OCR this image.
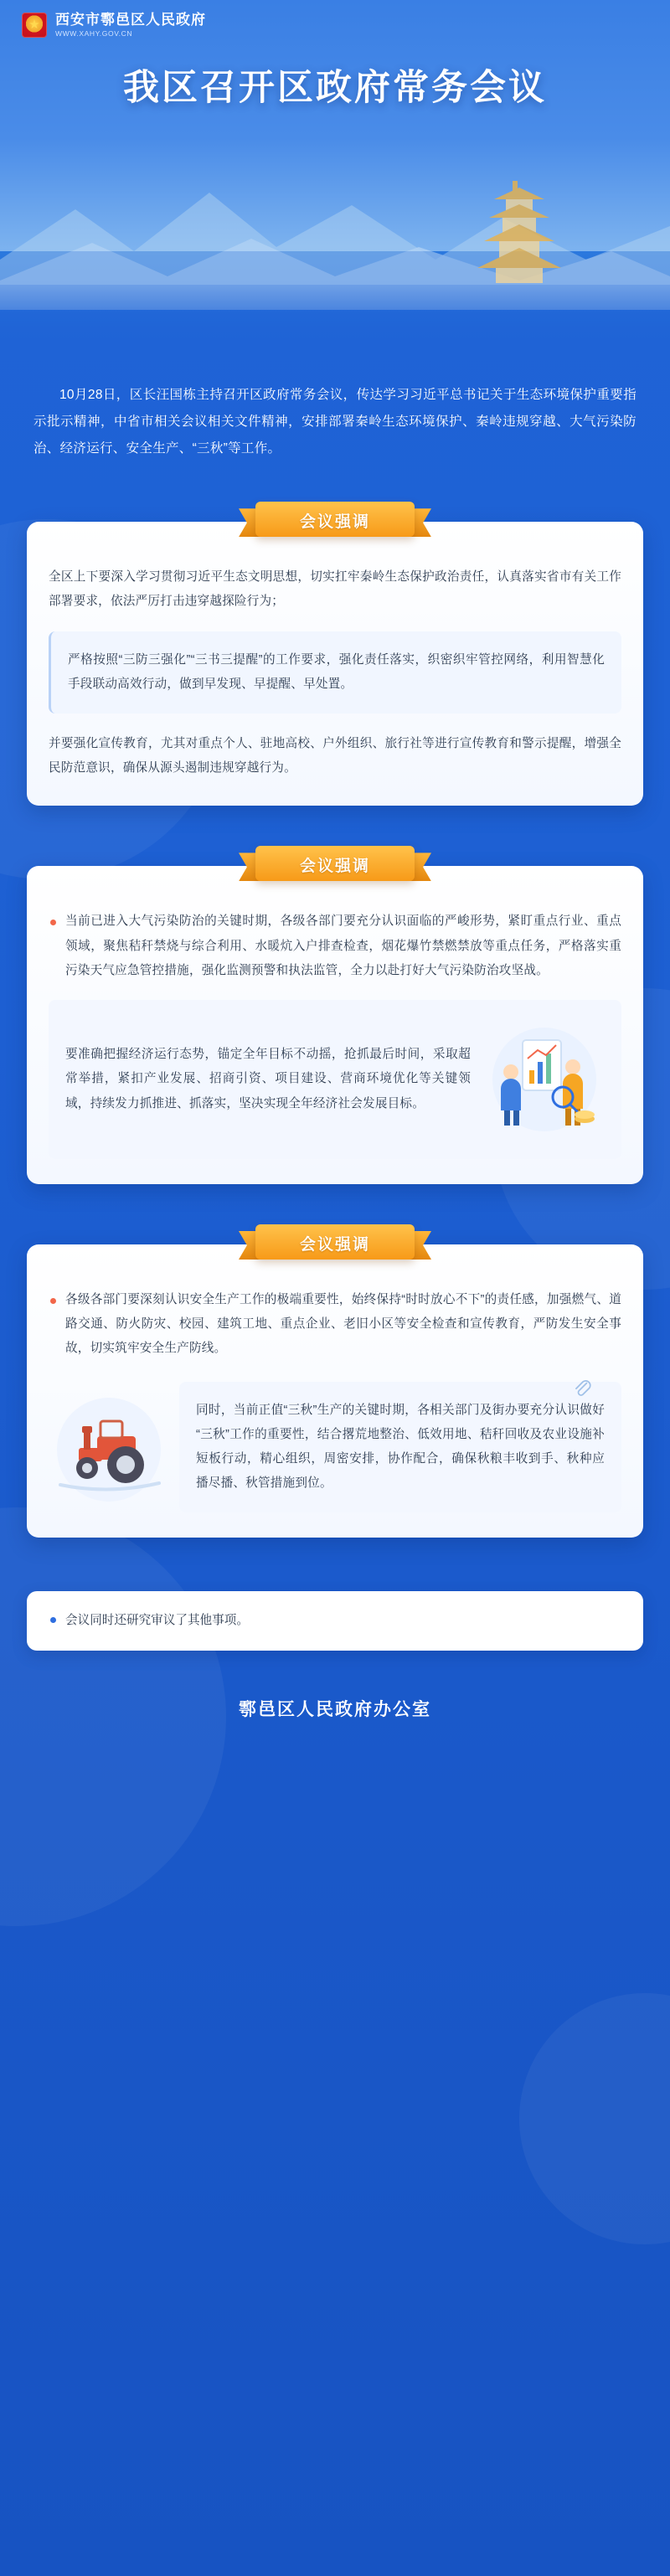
★
西安市鄠邑区人民政府
WWW.XAHY.GOV.CN
我区召开区政府常务会议

10月28日，区长汪国栋主持召开区政府常务会议，传达学习习近平总书记关于生态环境保护重要指示批示精神，中省市相关会议相关文件精神，安排部署秦岭生态环境保护、秦岭违规穿越、大气污染防治、经济运行、安全生产、“三秋”等工作。

会议强调

全区上下要深入学习贯彻习近平生态文明思想，切实扛牢秦岭生态保护政治责任，认真落实省市有关工作部署要求，依法严厉打击违穿越探险行为；

严格按照“三防三强化”“三书三提醒”的工作要求，强化责任落实，织密织牢管控网络，利用智慧化手段联动高效行动，做到早发现、早提醒、早处置。

并要强化宣传教育，尤其对重点个人、驻地高校、户外组织、旅行社等进行宣传教育和警示提醒，增强全民防范意识，确保从源头遏制违规穿越行为。

会议强调

当前已进入大气污染防治的关键时期，各级各部门要充分认识面临的严峻形势，紧盯重点行业、重点领域，聚焦秸秆禁烧与综合利用、水暖炕入户排查检查，烟花爆竹禁燃禁放等重点任务，严格落实重污染天气应急管控措施，强化监测预警和执法监管，全力以赴打好大气污染防治攻坚战。

要准确把握经济运行态势，锚定全年目标不动摇，抢抓最后时间，采取超常举措，紧扣产业发展、招商引资、项目建设、营商环境优化等关键领域，持续发力抓推进、抓落实，坚决实现全年经济社会发展目标。

会议强调

各级各部门要深刻认识安全生产工作的极端重要性，始终保持“时时放心不下”的责任感，加强燃气、道路交通、防火防灾、校园、建筑工地、重点企业、老旧小区等安全检查和宣传教育，严防发生安全事故，切实筑牢安全生产防线。

同时，当前正值“三秋”生产的关键时期，各相关部门及街办要充分认识做好“三秋”工作的重要性，结合撂荒地整治、低效用地、秸秆回收及农业设施补短板行动，精心组织，周密安排，协作配合，确保秋粮丰收到手、秋种应播尽播、秋管措施到位。

会议同时还研究审议了其他事项。

鄠邑区人民政府办公室
